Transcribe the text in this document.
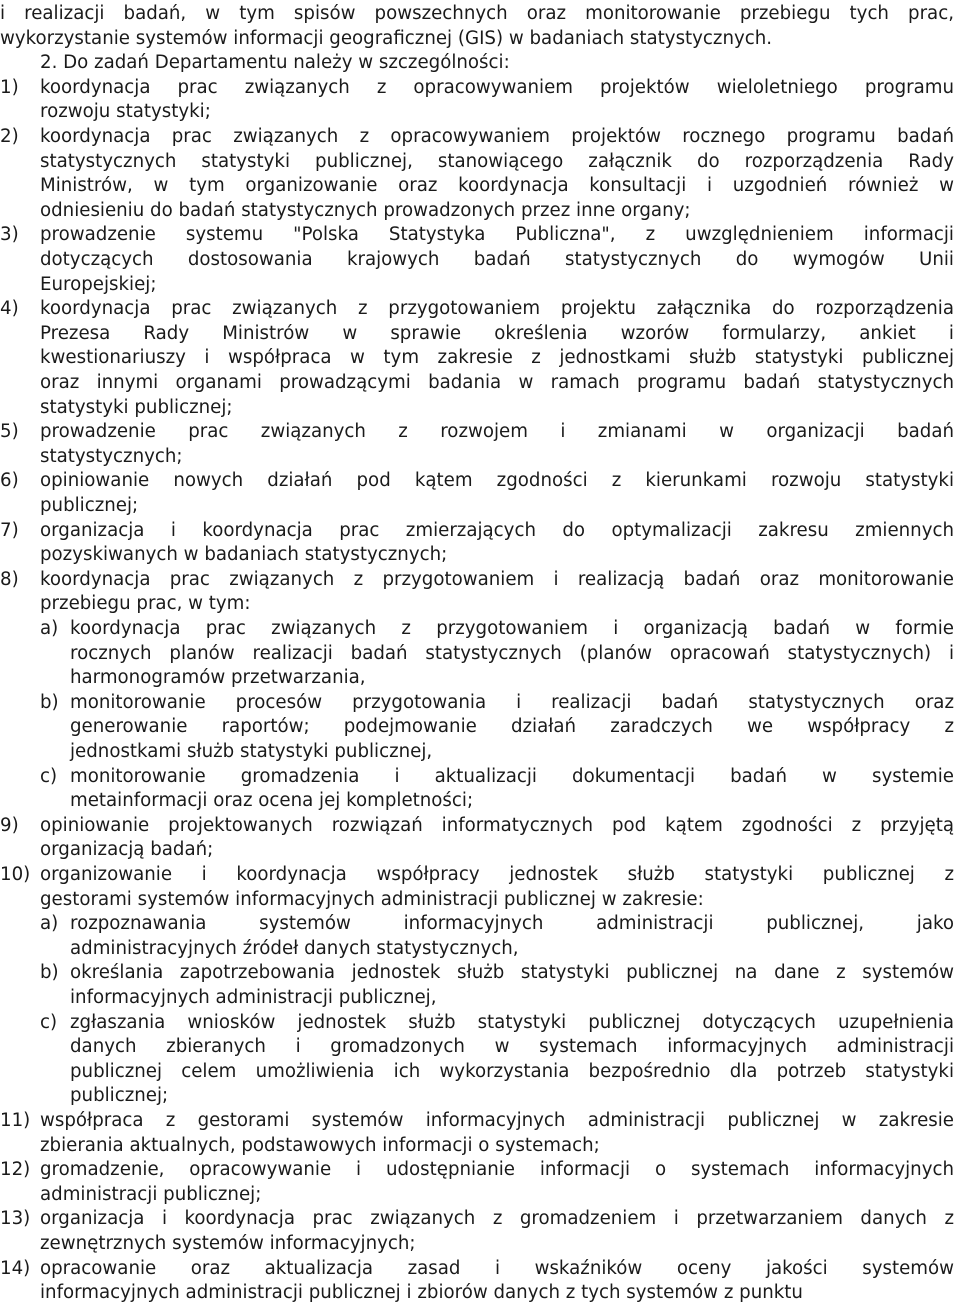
i realizacji badań, w tym spisów powszechnych oraz monitorowanie przebiegu tych prac,
wykorzystanie systemów informacji geograficznej (GIS) w badaniach statystycznych.
2. Do zadań Departamentu należy w szczególności:
1) koordynacja prac związanych z opracowywaniem projektów wieloletniego programu
rozwoju statystyki;
2) koordynacja prac związanych z opracowywaniem projektów rocznego programu badań
statystycznych statystyki publicznej, stanowiącego załącznik do rozporządzenia Rady
Ministrów, w tym organizowanie oraz koordynacja konsultacji i uzgodnień również w
odniesieniu do badań statystycznych prowadzonych przez inne organy;
3) prowadzenie systemu "Polska Statystyka Publiczna", z uwzględnieniem informacji
dotyczących dostosowania krajowych badań statystycznych do wymogów Unii
Europejskiej;
4) koordynacja prac związanych z przygotowaniem projektu załącznika do rozporządzenia
Prezesa Rady Ministrów w sprawie określenia wzorów formularzy, ankiet i
kwestionariuszy i współpraca w tym zakresie z jednostkami służb statystyki publicznej
oraz innymi organami prowadzącymi badania w ramach programu badań statystycznych
statystyki publicznej;
5) prowadzenie prac związanych z rozwojem i zmianami w organizacji badań
statystycznych;
6) opiniowanie nowych działań pod kątem zgodności z kierunkami rozwoju statystyki
publicznej;
7) organizacja i koordynacja prac zmierzających do optymalizacji zakresu zmiennych
pozyskiwanych w badaniach statystycznych;
8) koordynacja prac związanych z przygotowaniem i realizacją badań oraz monitorowanie
przebiegu prac, w tym:
a) koordynacja prac związanych z przygotowaniem i organizacją badań w formie
rocznych planów realizacji badań statystycznych (planów opracowań statystycznych) i
harmonogramów przetwarzania,
b) monitorowanie procesów przygotowania i realizacji badań statystycznych oraz
generowanie raportów; podejmowanie działań zaradczych we współpracy z
jednostkami służb statystyki publicznej,
c) monitorowanie gromadzenia i aktualizacji dokumentacji badań w systemie
metainformacji oraz ocena jej kompletności;
9) opiniowanie projektowanych rozwiązań informatycznych pod kątem zgodności z przyjętą
organizacją badań;
10) organizowanie i koordynacja współpracy jednostek służb statystyki publicznej z
gestorami systemów informacyjnych administracji publicznej w zakresie:
a) rozpoznawania systemów informacyjnych administracji publicznej, jako
administracyjnych źródeł danych statystycznych,
b) określania zapotrzebowania jednostek służb statystyki publicznej na dane z systemów
informacyjnych administracji publicznej,
c) zgłaszania wniosków jednostek służb statystyki publicznej dotyczących uzupełnienia
danych zbieranych i gromadzonych w systemach informacyjnych administracji
publicznej celem umożliwienia ich wykorzystania bezpośrednio dla potrzeb statystyki
publicznej;
11) współpraca z gestorami systemów informacyjnych administracji publicznej w zakresie
zbierania aktualnych, podstawowych informacji o systemach;
12) gromadzenie, opracowywanie i udostępnianie informacji o systemach informacyjnych
administracji publicznej;
13) organizacja i koordynacja prac związanych z gromadzeniem i przetwarzaniem danych z
zewnętrznych systemów informacyjnych;
14) opracowanie oraz aktualizacja zasad i wskaźników oceny jakości systemów
informacyjnych administracji publicznej i zbiorów danych z tych systemów z punktu
